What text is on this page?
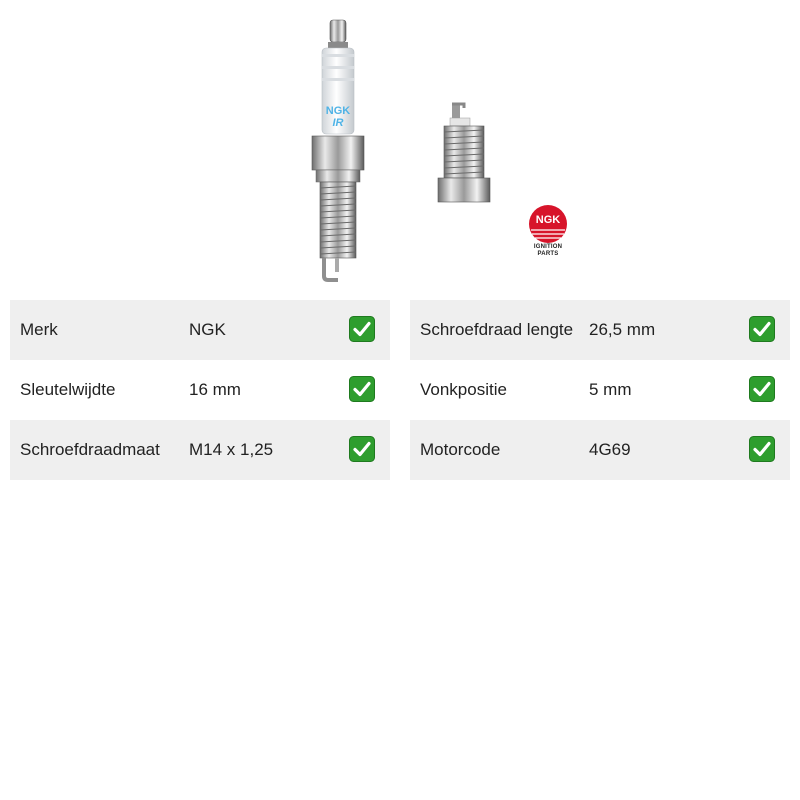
NGK
IR
NGK
IGNITION
PARTS
Merk	NGK
Sleutelwijdte	16 mm
Schroefdraadmaat M14 x 1,25
Schroefdraad lengte 26,5 mm
Vonkpositie	5 mm
Motorcode	4G69
